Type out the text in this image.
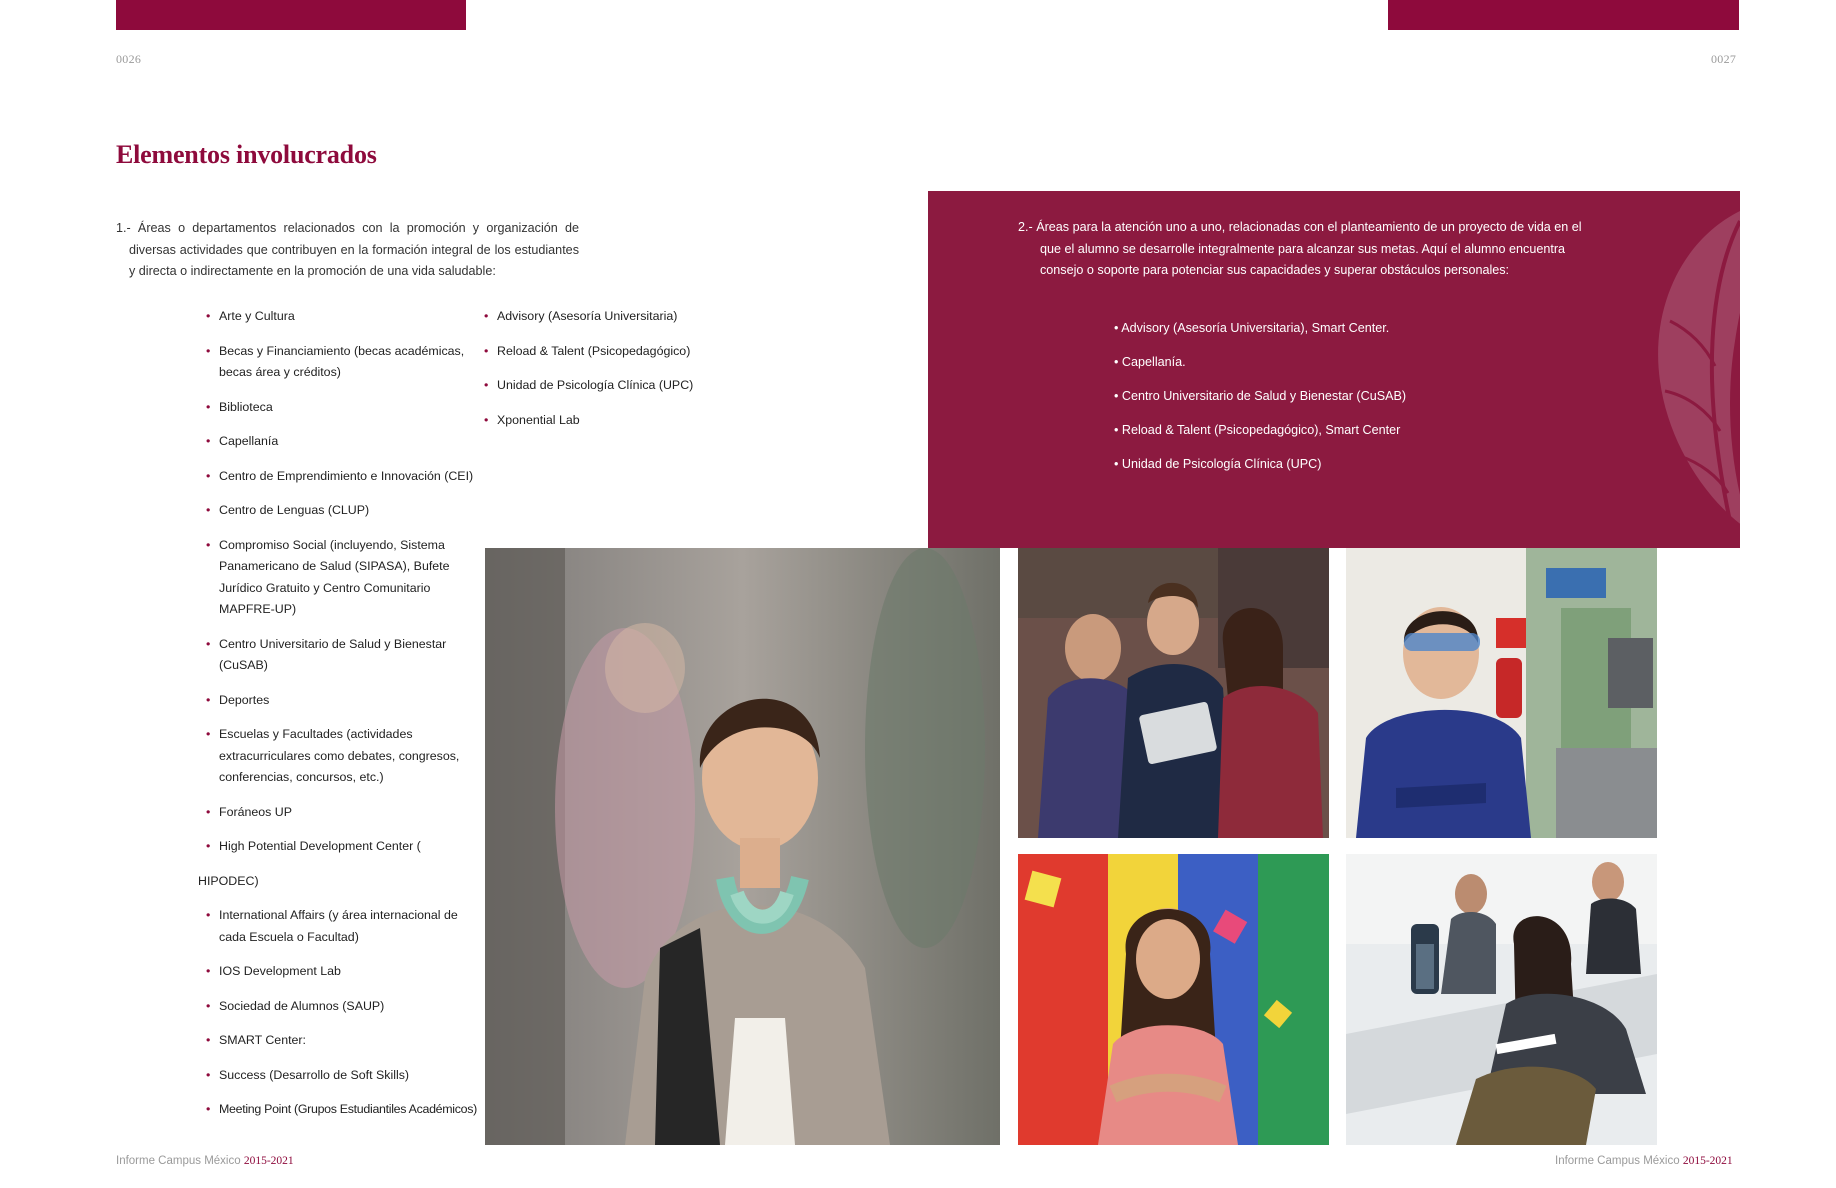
0026	0027
Elementos involucrados

1.- Áreas o departamentos relacionados con la promoción y organización de diversas actividades que contribuyen en la formación integral de los estudiantes y directa o indirectamente en la promoción de una vida saludable:

• Arte y Cultura
• Becas y Financiamiento (becas académicas, becas área y créditos)
• Biblioteca
• Capellanía
• Centro de Emprendimiento e Innovación (CEI)
• Centro de Lenguas (CLUP)
• Compromiso Social (incluyendo, Sistema Panamericano de Salud (SIPASA), Bufete Jurídico Gratuito y Centro Comunitario MAPFRE-UP)
• Centro Universitario de Salud y Bienestar (CuSAB)
• Deportes
• Escuelas y Facultades (actividades extracurriculares como debates, congresos, conferencias, concursos, etc.)
• Foráneos UP
• High Potential Development Center (
HIPODEC)
• International Affairs (y área internacional de cada Escuela o Facultad)
• IOS Development Lab
• Sociedad de Alumnos (SAUP)
• SMART Center:
• Success (Desarrollo de Soft Skills)
• Meeting Point (Grupos Estudiantiles Académicos)
• Advisory (Asesoría Universitaria)
• Reload & Talent (Psicopedagógico)
• Unidad de Psicología Clínica (UPC)
• Xponential Lab

2.- Áreas para la atención uno a uno, relacionadas con el planteamiento de un proyecto de vida en el que el alumno se desarrolle integralmente para alcanzar sus metas. Aquí el alumno encuentra consejo o soporte para potenciar sus capacidades y superar obstáculos personales:

• Advisory (Asesoría Universitaria), Smart Center.
• Capellanía.
• Centro Universitario de Salud y Bienestar (CuSAB)
• Reload & Talent (Psicopedagógico), Smart Center
• Unidad de Psicología Clínica (UPC)
Informe Campus México 2015-2021	Informe Campus México 2015-2021
